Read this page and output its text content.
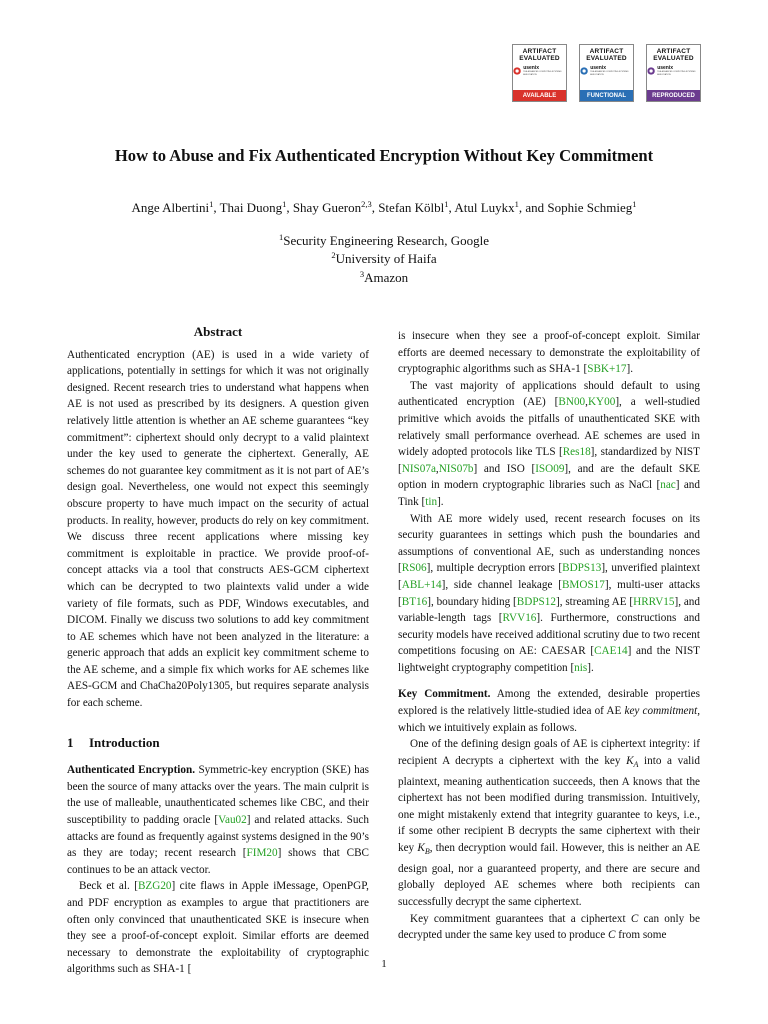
ARTIFACT
EVALUATED
usenix
THE ADVANCED COMPUTING SYSTEMS ASSOCIATION
AVAILABLE
ARTIFACT
EVALUATED
usenix
THE ADVANCED COMPUTING SYSTEMS ASSOCIATION
FUNCTIONAL
ARTIFACT
EVALUATED
usenix
THE ADVANCED COMPUTING SYSTEMS ASSOCIATION
REPRODUCED
How to Abuse and Fix Authenticated Encryption Without Key Commitment
Ange Albertini$^1$, Thai Duong$^1$, Shay Gueron$^{2,3}$, Stefan Kölbl$^1$, Atul Luykx$^1$, and Sophie Schmieg$^1$
$^1$Security Engineering Research, Google
$^2$University of Haifa
$^3$Amazon
Abstract

Authenticated encryption (AE) is used in a wide variety of applications, potentially in settings for which it was not originally designed. Recent research tries to understand what happens when AE is not used as prescribed by its designers. A question given relatively little attention is whether an AE scheme guarantees “key commitment”: ciphertext should only decrypt to a valid plaintext under the key used to generate the ciphertext. Generally, AE schemes do not guarantee key commitment as it is not part of AE’s design goal. Nevertheless, one would not expect this seemingly obscure property to have much impact on the security of actual products. In reality, however, products do rely on key commitment. We discuss three recent applications where missing key commitment is exploitable in practice. We provide proof-of-concept attacks via a tool that constructs AES-GCM ciphertext which can be decrypted to two plaintexts valid under a wide variety of file formats, such as PDF, Windows executables, and DICOM. Finally we discuss two solutions to add key commitment to AE schemes which have not been analyzed in the literature: a generic approach that adds an explicit key commitment scheme to the AE scheme, and a simple fix which works for AE schemes like AES-GCM and ChaCha20Poly1305, but requires separate analysis for each scheme.

1 Introduction

Authenticated Encryption. Symmetric-key encryption (SKE) has been the source of many attacks over the years. The main culprit is the use of malleable, unauthenticated schemes like CBC, and their susceptibility to padding oracle [Vau02] and related attacks. Such attacks are found as frequently against systems designed in the 90’s as they are today; recent research [FIM20] shows that CBC continues to be an attack vector.

Beck et al. [BZG20] cite flaws in Apple iMessage, OpenPGP, and PDF encryption as examples to argue that practitioners are often only convinced that unauthenticated SKE is insecure when they see a proof-of-concept exploit. Similar efforts are deemed necessary to demonstrate the exploitability of cryptographic algorithms such as SHA-1 [

is insecure when they see a proof-of-concept exploit. Similar efforts are deemed necessary to demonstrate the exploitability of cryptographic algorithms such as SHA-1 [SBK+17].

The vast majority of applications should default to using authenticated encryption (AE) [BN00,KY00], a well-studied primitive which avoids the pitfalls of unauthenticated SKE with relatively small performance overhead. AE schemes are used in widely adopted protocols like TLS [Res18], standardized by NIST [NIS07a,NIS07b] and ISO [ISO09], and are the default SKE option in modern cryptographic libraries such as NaCl [nac] and Tink [tin].

With AE more widely used, recent research focuses on its security guarantees in settings which push the boundaries and assumptions of conventional AE, such as understanding nonces [RS06], multiple decryption errors [BDPS13], unverified plaintext [ABL+14], side channel leakage [BMOS17], multi-user attacks [BT16], boundary hiding [BDPS12], streaming AE [HRRV15], and variable-length tags [RVV16]. Furthermore, constructions and security models have received additional scrutiny due to two recent competitions focusing on AE: CAESAR [CAE14] and the NIST lightweight cryptography competition [nis].

Key Commitment. Among the extended, desirable properties explored is the relatively little-studied idea of AE key commitment, which we intuitively explain as follows.

One of the defining design goals of AE is ciphertext integrity: if recipient A decrypts a ciphertext with the key $K_A$ into a valid plaintext, meaning authentication succeeds, then A knows that the ciphertext has not been modified during transmission. Intuitively, one might mistakenly extend that integrity guarantee to keys, i.e., if some other recipient B decrypts the same ciphertext with their key $K_B$, then decryption would fail. However, this is neither an AE design goal, nor a guaranteed property, and there are secure and globally deployed AE schemes where both recipients can successfully decrypt the same ciphertext.

Key commitment guarantees that a ciphertext C can only be decrypted under the same key used to produce C from some

1
